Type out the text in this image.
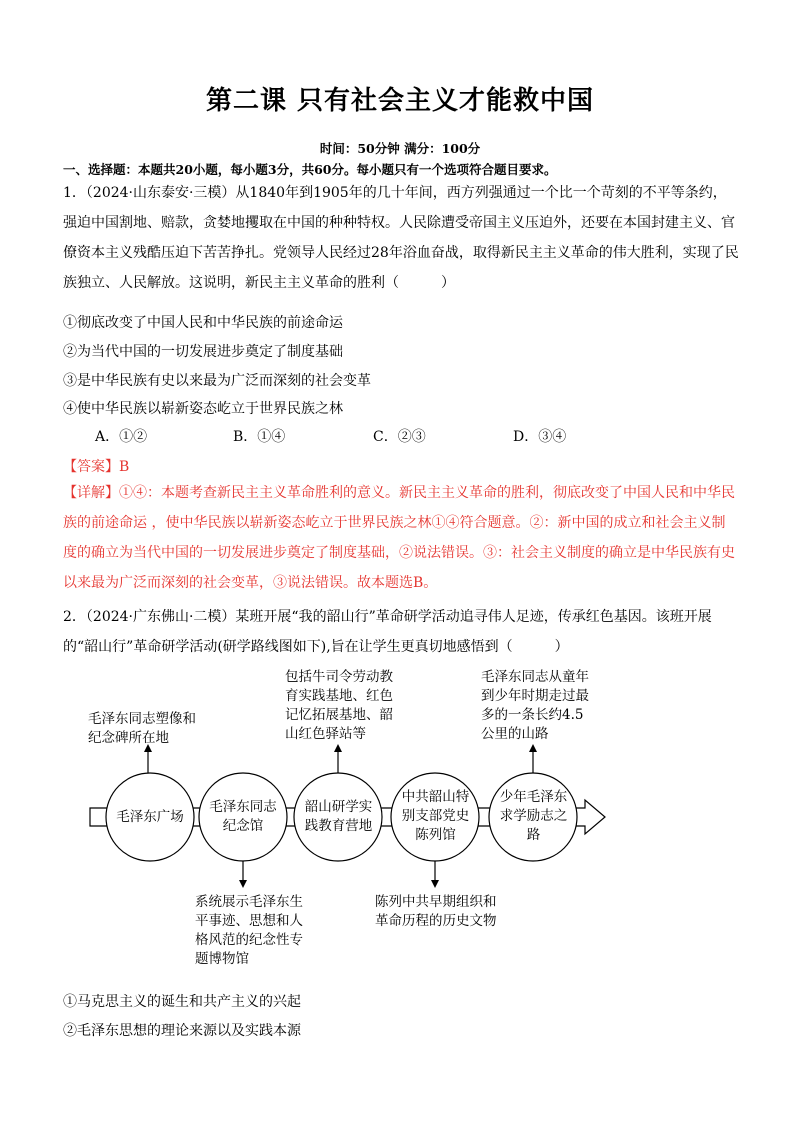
第二课 只有社会主义才能救中国
时间：50分钟 满分：100分
一、选择题：本题共20小题，每小题3分，共60分。每小题只有一个选项符合题目要求。
1．（2024·山东泰安·三模）从1840年到1905年的几十年间，西方列强通过一个比一个苛刻的不平等条约，强迫中国割地、赔款，贪婪地攫取在中国的种种特权。人民除遭受帝国主义压迫外，还要在本国封建主义、官僚资本主义残酷压迫下苦苦挣扎。党领导人民经过28年浴血奋战，取得新民主主义革命的伟大胜利，实现了民族独立、人民解放。这说明，新民主主义革命的胜利（　　　）
①彻底改变了中国人民和中华民族的前途命运
②为当代中国的一切发展进步奠定了制度基础
③是中华民族有史以来最为广泛而深刻的社会变革
④使中华民族以崭新姿态屹立于世界民族之林
A．①②	B．①④	C．②③	D．③④
【答案】B
【详解】①④：本题考查新民主主义革命胜利的意义。新民主主义革命的胜利，彻底改变了中国人民和中华民族的前途命运 ，使中华民族以崭新姿态屹立于世界民族之林①④符合题意。②：新中国的成立和社会主义制度的确立为当代中国的一切发展进步奠定了制度基础，②说法错误。③：社会主义制度的确立是中华民族有史以来最为广泛而深刻的社会变革，③说法错误。故本题选B。
2．（2024·广东佛山·二模）某班开展“我的韶山行”革命研学活动追寻伟人足迹，传承红色基因。该班开展的“韶山行”革命研学活动(研学路线图如下),旨在让学生更真切地感悟到（　　　）
毛泽东广场
毛泽东同志纪念馆
韶山研学实践教育营地
中共韶山特别支部党史陈列馆
少年毛泽东求学励志之路
毛泽东同志塑像和纪念碑所在地
包括牛司令劳动教育实践基地、红色记忆拓展基地、韶山红色驿站等
毛泽东同志从童年到少年时期走过最多的一条长约4.5公里的山路
系统展示毛泽东生平事迹、思想和人格风范的纪念性专题博物馆
陈列中共早期组织和革命历程的历史文物
①马克思主义的诞生和共产主义的兴起
②毛泽东思想的理论来源以及实践本源
